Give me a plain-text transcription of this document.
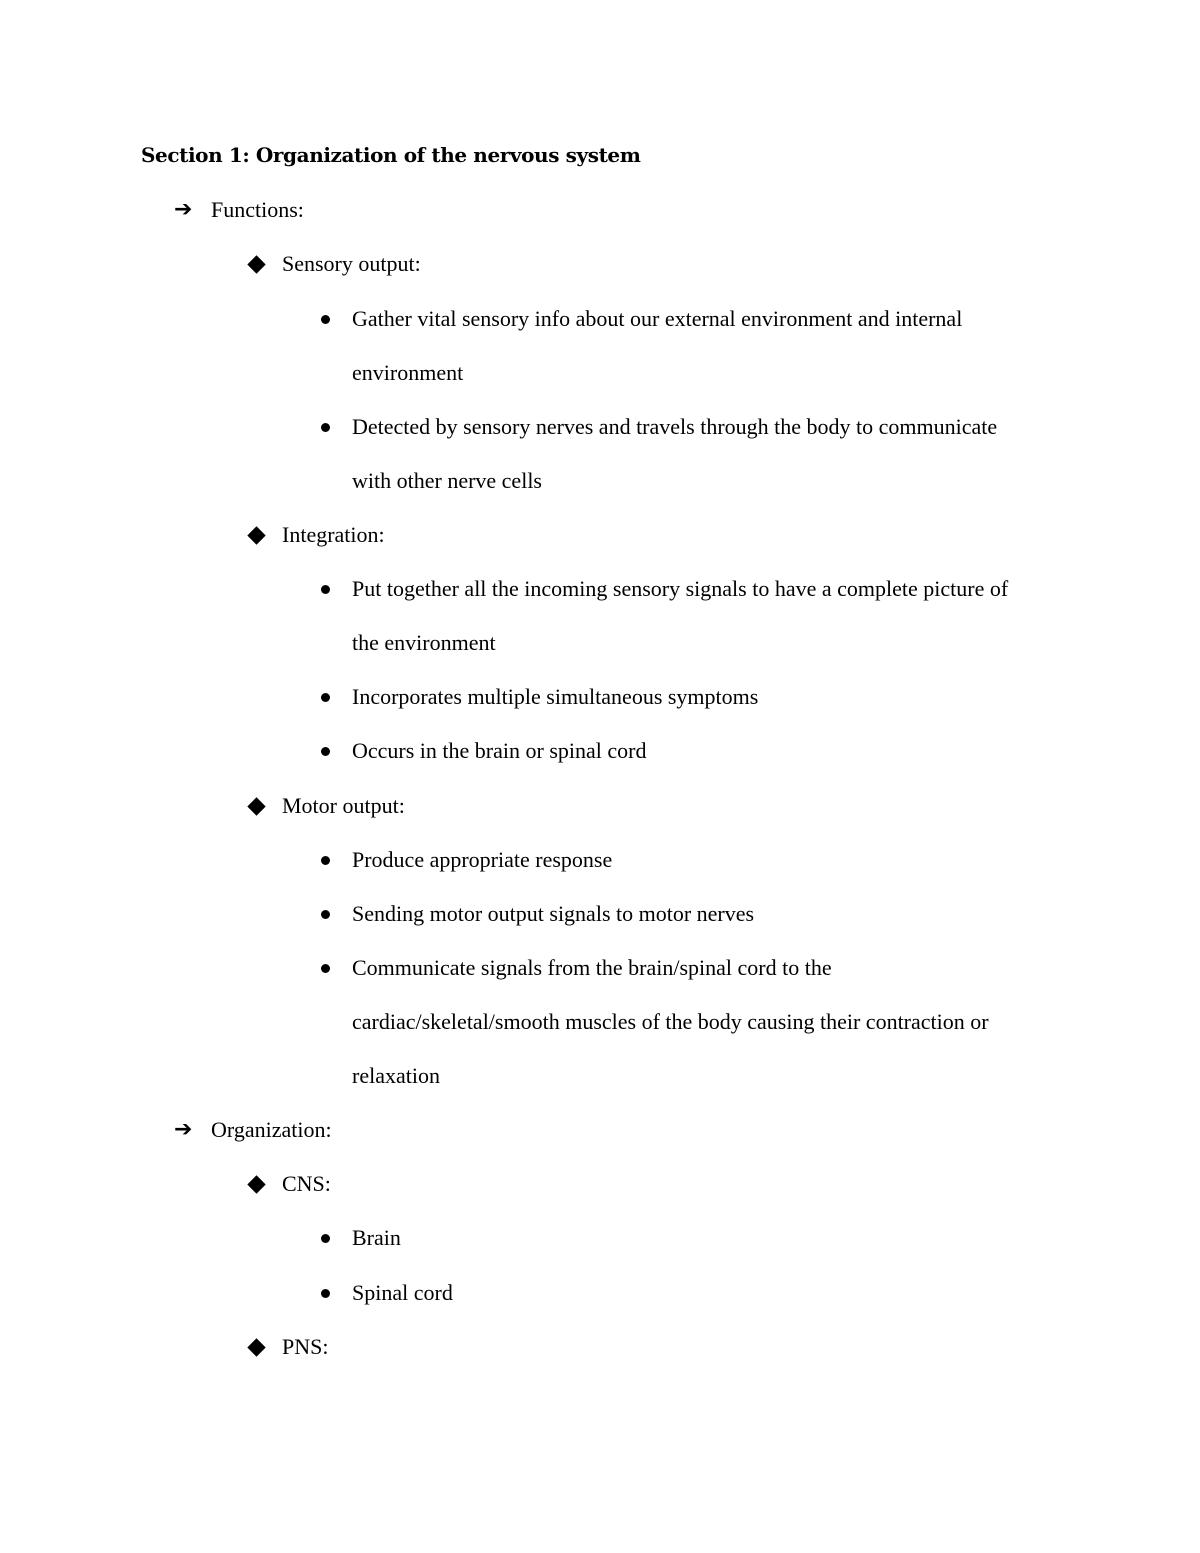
Section 1: Organization of the nervous system
➔ Functions:
Sensory output:
Gather vital sensory info about our external environment and internal
environment
Detected by sensory nerves and travels through the body to communicate
with other nerve cells
Integration:
Put together all the incoming sensory signals to have a complete picture of
the environment
Incorporates multiple simultaneous symptoms
Occurs in the brain or spinal cord
Motor output:
Produce appropriate response
Sending motor output signals to motor nerves
Communicate signals from the brain/spinal cord to the
cardiac/skeletal/smooth muscles of the body causing their contraction or
relaxation
➔ Organization:
CNS:
Brain
Spinal cord
PNS:
